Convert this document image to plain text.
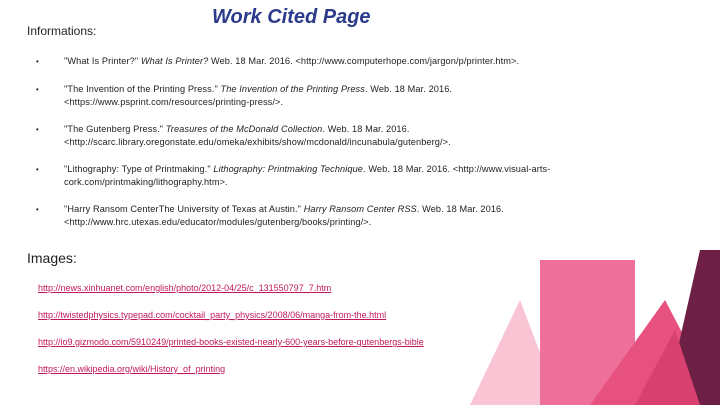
Informations:
Work Cited Page
•	"What Is Printer?" What Is Printer? Web. 18 Mar. 2016. <http://www.computerhope.com/jargon/p/printer.htm>.
•	"The Invention of the Printing Press." The Invention of the Printing Press. Web. 18 Mar. 2016. <https://www.psprint.com/resources/printing-press/>.
•	"The Gutenberg Press." Treasures of the McDonald Collection. Web. 18 Mar. 2016. <http://scarc.library.oregonstate.edu/omeka/exhibits/show/mcdonald/incunabula/gutenberg/>.
•	"Lithography: Type of Printmaking." Lithography: Printmaking Technique. Web. 18 Mar. 2016. <http://www.visual-arts-cork.com/printmaking/lithography.htm>.
•	"Harry Ransom CenterThe University of Texas at Austin." Harry Ransom Center RSS. Web. 18 Mar. 2016. <http://www.hrc.utexas.edu/educator/modules/gutenberg/books/printing/>.
Images:
http://news.xinhuanet.com/english/photo/2012-04/25/c_131550797_7.htm
http://twistedphysics.typepad.com/cocktail_party_physics/2008/06/manga-from-the.html
http://io9.gizmodo.com/5910249/printed-books-existed-nearly-600-years-before-gutenbergs-bible
https://en.wikipedia.org/wiki/History_of_printing
